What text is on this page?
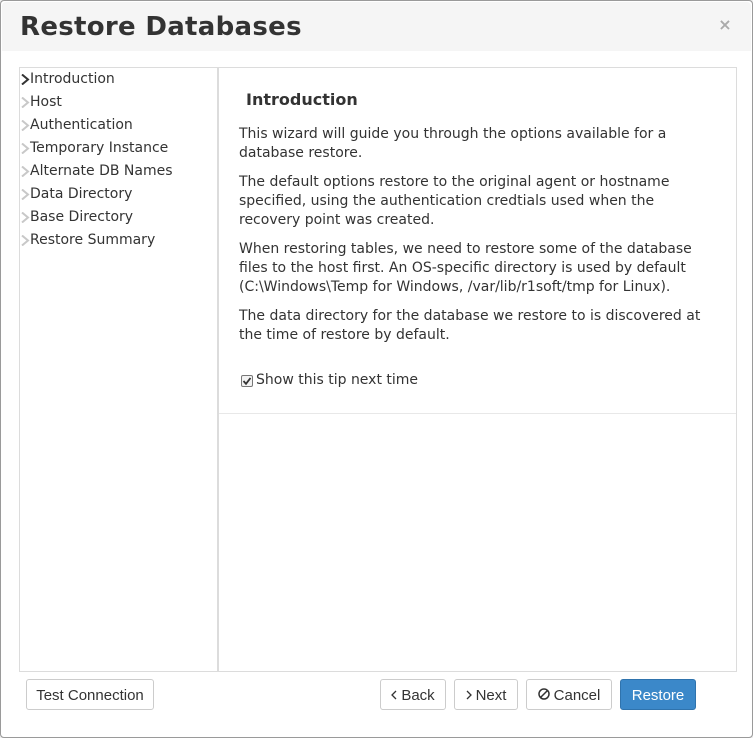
Restore Databases	×
Introduction
Host
Authentication
Temporary Instance
Alternate DB Names
Data Directory
Base Directory
Restore Summary
Introduction

This wizard will guide you through the options available for a database restore.

The default options restore to the original agent or hostname specified, using the authentication credtials used when the recovery point was created.

When restoring tables, we need to restore some of the database files to the host first. An OS-specific directory is used by default (C:\Windows\Temp for Windows, /var/lib/r1soft/tmp for Linux).

The data directory for the database we restore to is discovered at the time of restore by default.

Show this tip next time
Test Connection	Back	Next	Cancel	Restore
